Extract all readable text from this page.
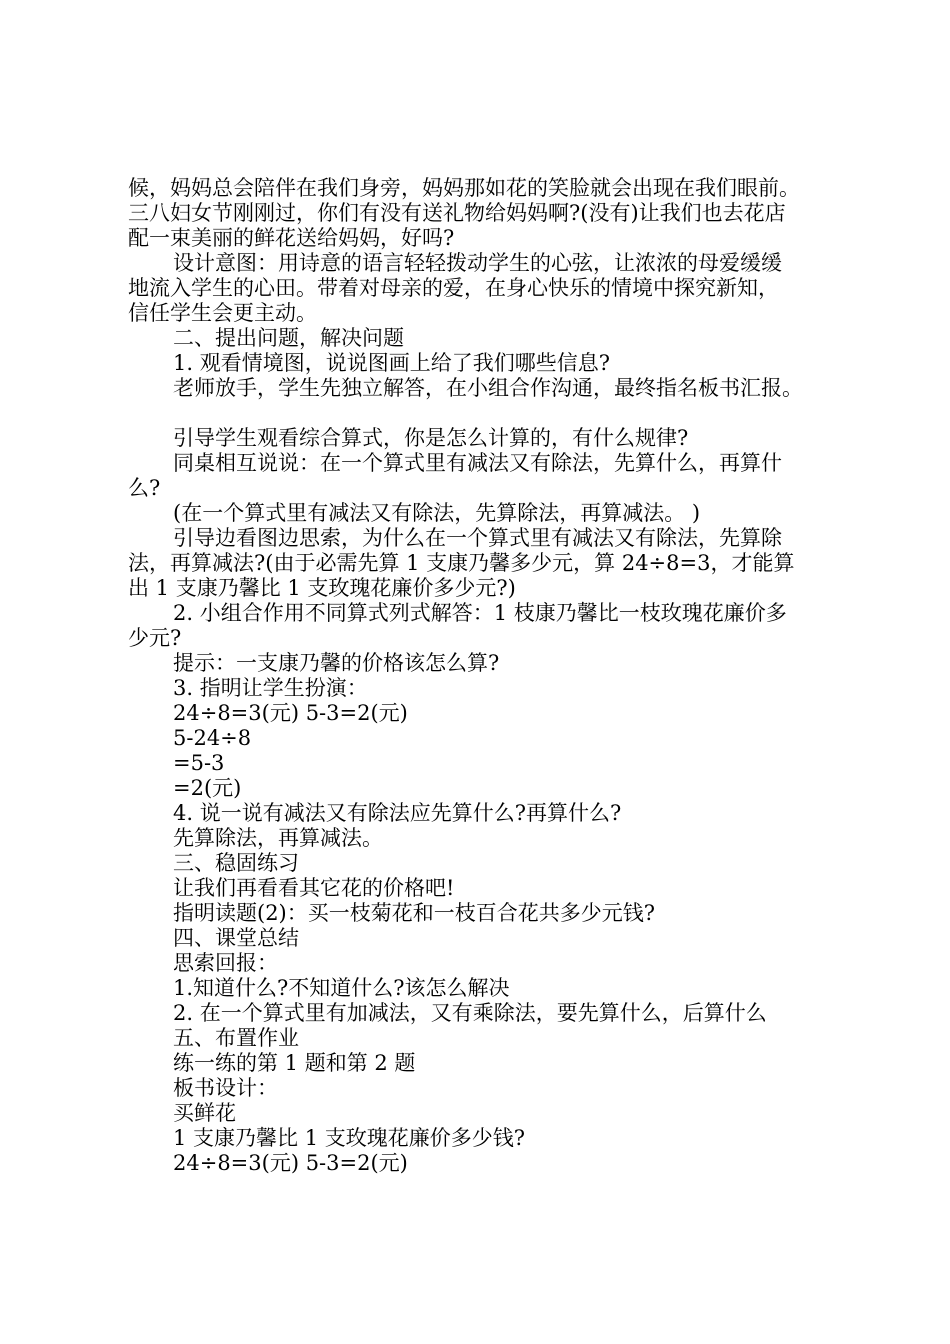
候，妈妈总会陪伴在我们身旁，妈妈那如花的笑脸就会出现在我们眼前。
三八妇女节刚刚过，你们有没有送礼物给妈妈啊?(没有)让我们也去花店
配一束美丽的鲜花送给妈妈，好吗?
设计意图：用诗意的语言轻轻拨动学生的心弦，让浓浓的母爱缓缓
地流入学生的心田。带着对母亲的爱，在身心快乐的情境中探究新知，
信任学生会更主动。
二、提出问题，解决问题
1. 观看情境图，说说图画上给了我们哪些信息?
老师放手，学生先独立解答，在小组合作沟通，最终指名板书汇报。
引导学生观看综合算式，你是怎么计算的，有什么规律?
同桌相互说说：在一个算式里有减法又有除法，先算什么，再算什
么?
(在一个算式里有减法又有除法，先算除法，再算减法。 )
引导边看图边思索，为什么在一个算式里有减法又有除法，先算除
法，再算减法?(由于必需先算 1 支康乃馨多少元，算 24÷8=3，才能算
出 1 支康乃馨比 1 支玫瑰花廉价多少元?)
2. 小组合作用不同算式列式解答：1 枝康乃馨比一枝玫瑰花廉价多
少元?
提示：一支康乃馨的价格该怎么算?
3. 指明让学生扮演：
24÷8=3(元) 5-3=2(元)
5-24÷8
=5-3
=2(元)
4. 说一说有减法又有除法应先算什么?再算什么?
先算除法，再算减法。
三、稳固练习
让我们再看看其它花的价格吧!
指明读题(2)：买一枝菊花和一枝百合花共多少元钱?
四、课堂总结
思索回报：
1.知道什么?不知道什么?该怎么解决
2. 在一个算式里有加减法，又有乘除法，要先算什么，后算什么
五、布置作业
练一练的第 1 题和第 2 题
板书设计：
买鲜花
1 支康乃馨比 1 支玫瑰花廉价多少钱?
24÷8=3(元) 5-3=2(元)
